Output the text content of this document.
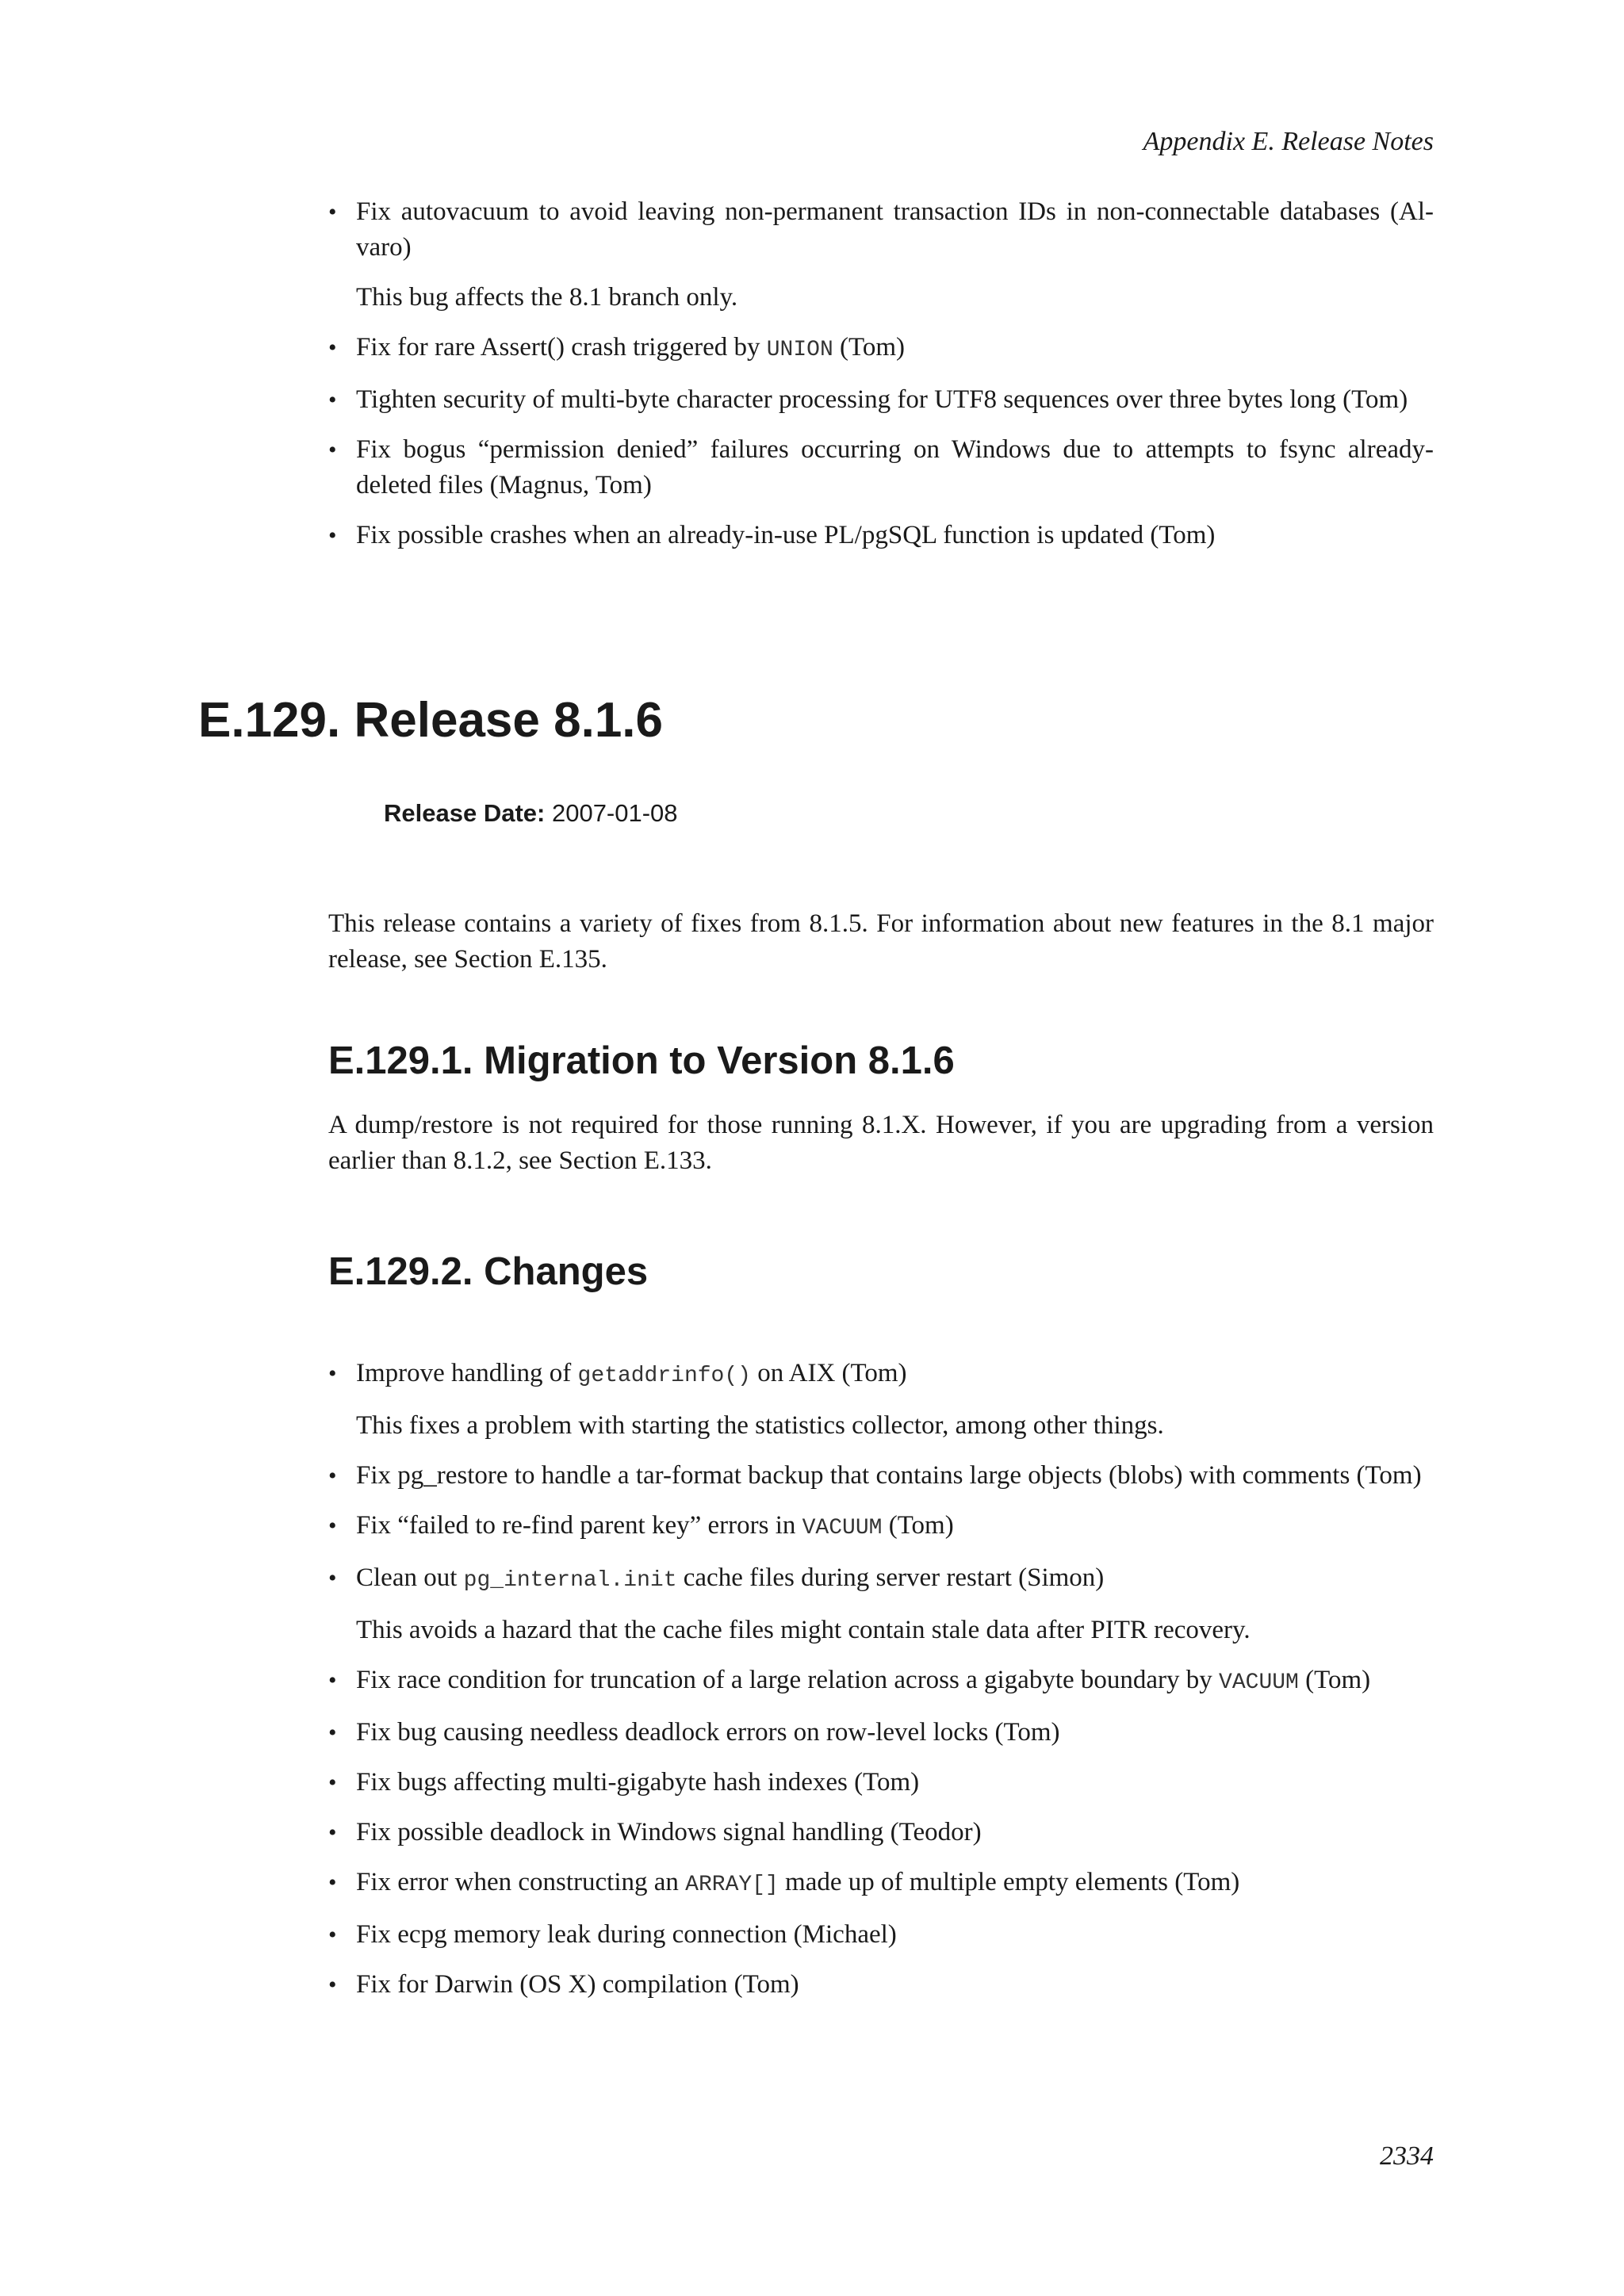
Appendix E. Release Notes
• Fix autovacuum to avoid leaving non-permanent transaction IDs in non-connectable databases (Al-varo)
This bug affects the 8.1 branch only.
• Fix for rare Assert() crash triggered by UNION (Tom)
• Tighten security of multi-byte character processing for UTF8 sequences over three bytes long (Tom)
• Fix bogus “permission denied” failures occurring on Windows due to attempts to fsync already-deleted files (Magnus, Tom)
• Fix possible crashes when an already-in-use PL/pgSQL function is updated (Tom)
E.129. Release 8.1.6
Release Date: 2007-01-08

This release contains a variety of fixes from 8.1.5. For information about new features in the 8.1 major release, see Section E.135.

E.129.1. Migration to Version 8.1.6

A dump/restore is not required for those running 8.1.X. However, if you are upgrading from a version earlier than 8.1.2, see Section E.133.

E.129.2. Changes
• Improve handling of getaddrinfo() on AIX (Tom)
This fixes a problem with starting the statistics collector, among other things.
• Fix pg_restore to handle a tar-format backup that contains large objects (blobs) with comments (Tom)
• Fix “failed to re-find parent key” errors in VACUUM (Tom)
• Clean out pg_internal.init cache files during server restart (Simon)
This avoids a hazard that the cache files might contain stale data after PITR recovery.
• Fix race condition for truncation of a large relation across a gigabyte boundary by VACUUM (Tom)
• Fix bug causing needless deadlock errors on row-level locks (Tom)
• Fix bugs affecting multi-gigabyte hash indexes (Tom)
• Fix possible deadlock in Windows signal handling (Teodor)
• Fix error when constructing an ARRAY[] made up of multiple empty elements (Tom)
• Fix ecpg memory leak during connection (Michael)
• Fix for Darwin (OS X) compilation (Tom)
2334
